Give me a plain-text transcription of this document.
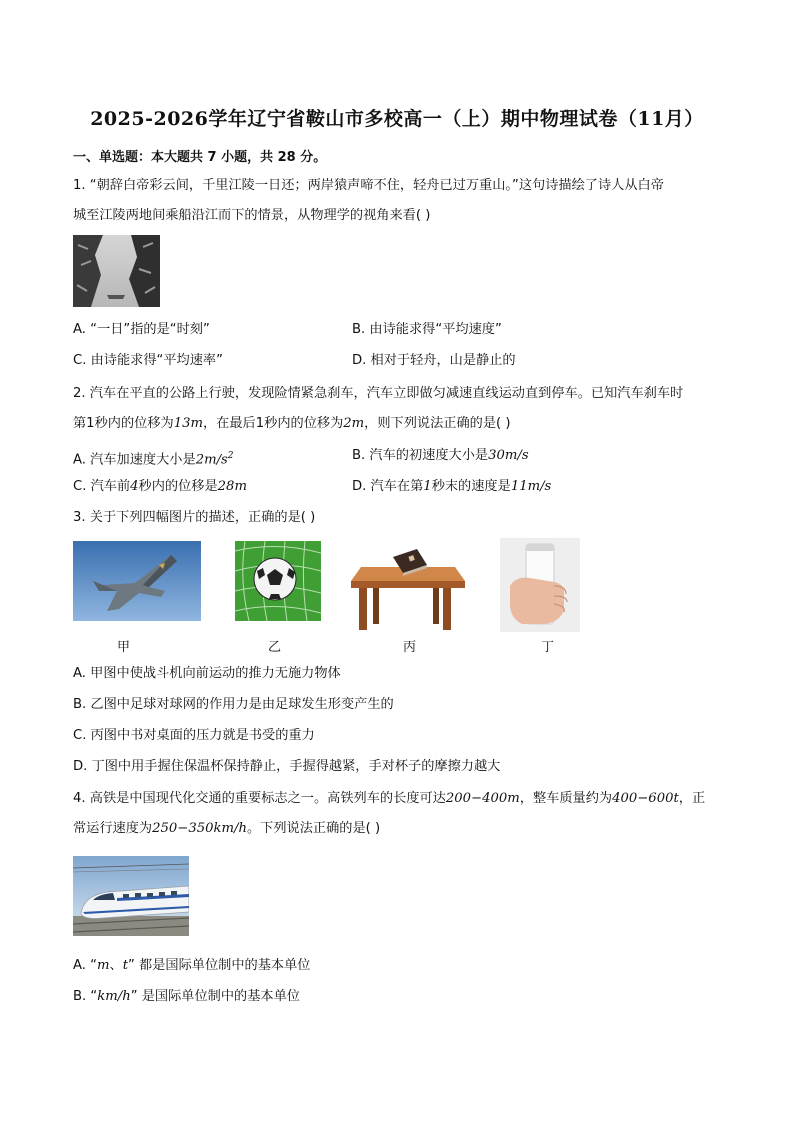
2025-2026学年辽宁省鞍山市多校高一（上）期中物理试卷（11月）
一、单选题：本大题共 7 小题，共 28 分。
1. “朝辞白帝彩云间，千里江陵一日还；两岸猿声啼不住，轻舟已过万重山。”这句诗描绘了诗人从白帝
城至江陵两地间乘船沿江而下的情景，从物理学的视角来看( )
A. “一日”指的是“时刻”	B. 由诗能求得“平均速度”
C. 由诗能求得“平均速率”	D. 相对于轻舟，山是静止的
2. 汽车在平直的公路上行驶，发现险情紧急刹车，汽车立即做匀减速直线运动直到停车。已知汽车刹车时
第1秒内的位移为13m，在最后1秒内的位移为2m，则下列说法正确的是( )
A. 汽车加速度大小是$2m/s^2$	B. 汽车的初速度大小是30m/s
C. 汽车前4秒内的位移是28m	D. 汽车在第1秒末的速度是11m/s
3. 关于下列四幅图片的描述，正确的是( )
甲	乙	丙	丁
A. 甲图中使战斗机向前运动的推力无施力物体
B. 乙图中足球对球网的作用力是由足球发生形变产生的
C. 丙图中书对桌面的压力就是书受的重力
D. 丁图中用手握住保温杯保持静止，手握得越紧，手对杯子的摩擦力越大
4. 高铁是中国现代化交通的重要标志之一。高铁列车的长度可达200−400m，整车质量约为400−600t，正
常运行速度为250−350km/h。下列说法正确的是( )
A. “m、t” 都是国际单位制中的基本单位
B. “km/h” 是国际单位制中的基本单位
